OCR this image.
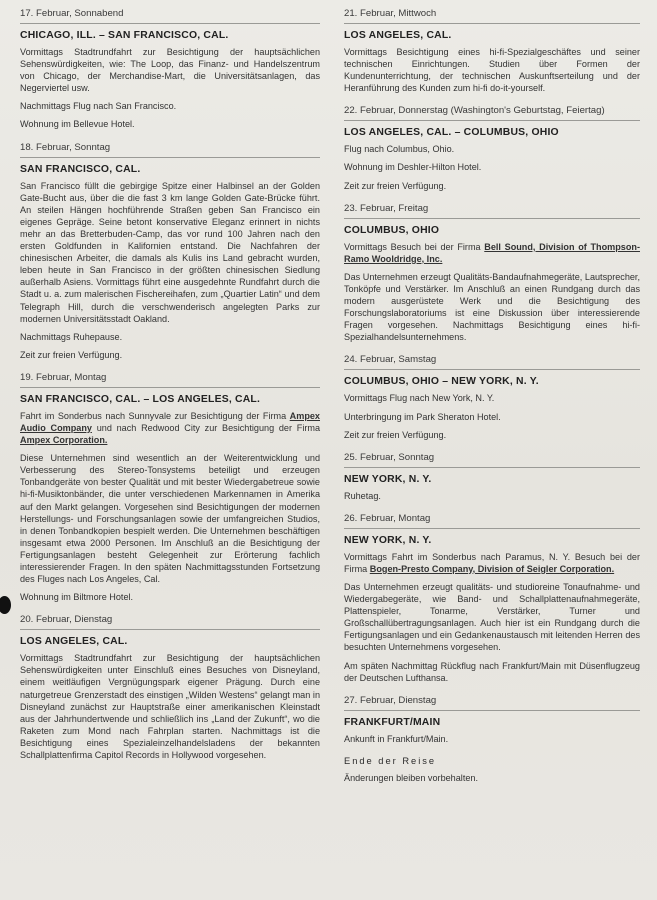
17. Februar, Sonnabend

CHICAGO, ILL. – SAN FRANCISCO, CAL.

Vormittags Stadtrundfahrt zur Besichtigung der hauptsächlichen Sehenswürdigkeiten, wie: The Loop, das Finanz- und Handelszentrum von Chicago, der Merchandise-Mart, die Universitätsanlagen, das Negerviertel usw.

Nachmittags Flug nach San Francisco.

Wohnung im Bellevue Hotel.

18. Februar, Sonntag

SAN FRANCISCO, CAL.

San Francisco füllt die gebirgige Spitze einer Halbinsel an der Golden Gate-Bucht aus, über die die fast 3 km lange Golden Gate-Brücke führt. An steilen Hängen hochführende Straßen geben San Francisco ein eigenes Gepräge. Seine betont konservative Eleganz erinnert in nichts mehr an das Bretterbuden-Camp, das vor rund 100 Jahren nach den ersten Goldfunden in Kalifornien entstand. Die Nachfahren der chinesischen Arbeiter, die damals als Kulis ins Land gebracht wurden, leben heute in San Francisco in der größten chinesischen Siedlung außerhalb Asiens. Vormittags führt eine ausgedehnte Rundfahrt durch die Stadt u. a. zum malerischen Fischereihafen, zum „Quartier Latin“ und dem Telegraph Hill, durch die verschwenderisch angelegten Parks zur modernen Universitätsstadt Oakland.

Nachmittags Ruhepause.

Zeit zur freien Verfügung.

19. Februar, Montag

SAN FRANCISCO, CAL. – LOS ANGELES, CAL.

Fahrt im Sonderbus nach Sunnyvale zur Besichtigung der Firma Ampex Audio Company und nach Redwood City zur Besichtigung der Firma Ampex Corporation.

Diese Unternehmen sind wesentlich an der Weiterentwicklung und Verbesserung des Stereo-Tonsystems beteiligt und erzeugen Tonbandgeräte von bester Qualität und mit bester Wiedergabetreue sowie hi-fi-Musiktonbänder, die unter verschiedenen Markennamen in Amerika auf den Markt gelangen. Vorgesehen sind Besichtigungen der modernen Herstellungs- und Forschungsanlagen sowie der umfangreichen Studios, in denen Tonbandkopien bespielt werden. Die Unternehmen beschäftigen insgesamt etwa 2000 Personen. Im Anschluß an die Besichtigung der Fertigungsanlagen besteht Gelegenheit zur Erörterung fachlich interessierender Fragen. In den späten Nachmittagsstunden Fortsetzung des Fluges nach Los Angeles, Cal.

Wohnung im Biltmore Hotel.

20. Februar, Dienstag

LOS ANGELES, CAL.

Vormittags Stadtrundfahrt zur Besichtigung der hauptsächlichen Sehenswürdigkeiten unter Einschluß eines Besuches von Disneyland, einem weitläufigen Vergnügungspark eigener Prägung. Durch eine naturgetreue Grenzerstadt des einstigen „Wilden Westens“ gelangt man in Disneyland zunächst zur Hauptstraße einer amerikanischen Kleinstadt aus der Jahrhundertwende und schließlich ins „Land der Zukunft“, wo die Raketen zum Mond nach Fahrplan starten. Nachmittags ist die Besichtigung eines Spezialeinzelhandelsladens der bekannten Schallplattenfirma Capitol Records in Hollywood vorgesehen.

21. Februar, Mittwoch

LOS ANGELES, CAL.

Vormittags Besichtigung eines hi-fi-Spezialgeschäftes und seiner technischen Einrichtungen. Studien über Formen der Kundenunterrichtung, der technischen Auskunftserteilung und der Heranführung des Kunden zum hi-fi do-it-yourself.

22. Februar, Donnerstag (Washington's Geburtstag, Feiertag)

LOS ANGELES, CAL. – COLUMBUS, OHIO

Flug nach Columbus, Ohio.

Wohnung im Deshler-Hilton Hotel.

Zeit zur freien Verfügung.

23. Februar, Freitag

COLUMBUS, OHIO

Vormittags Besuch bei der Firma Bell Sound, Division of Thompson-Ramo Wooldridge, Inc.

Das Unternehmen erzeugt Qualitäts-Bandaufnahmegeräte, Lautsprecher, Tonköpfe und Verstärker. Im Anschluß an einen Rundgang durch das modern ausgerüstete Werk und die Besichtigung des Forschungslaboratoriums ist eine Diskussion über interessierende Fragen vorgesehen. Nachmittags Besichtigung eines hi-fi-Spezialhandelsunternehmens.

24. Februar, Samstag

COLUMBUS, OHIO – NEW YORK, N. Y.

Vormittags Flug nach New York, N. Y.

Unterbringung im Park Sheraton Hotel.

Zeit zur freien Verfügung.

25. Februar, Sonntag

NEW YORK, N. Y.

Ruhetag.

26. Februar, Montag

NEW YORK, N. Y.

Vormittags Fahrt im Sonderbus nach Paramus, N. Y. Besuch bei der Firma Bogen-Presto Company, Division of Seigler Corporation.

Das Unternehmen erzeugt qualitäts- und studioreine Tonaufnahme- und Wiedergabegeräte, wie Band- und Schallplattenaufnahmegeräte, Plattenspieler, Tonarme, Verstärker, Turner und Großschallübertragungsanlagen. Auch hier ist ein Rundgang durch die Fertigungsanlagen und ein Gedankenaustausch mit leitenden Herren des besuchten Unternehmens vorgesehen.

Am späten Nachmittag Rückflug nach Frankfurt/Main mit Düsenflugzeug der Deutschen Lufthansa.

27. Februar, Dienstag

FRANKFURT/MAIN

Ankunft in Frankfurt/Main.

Ende der Reise

Änderungen bleiben vorbehalten.
